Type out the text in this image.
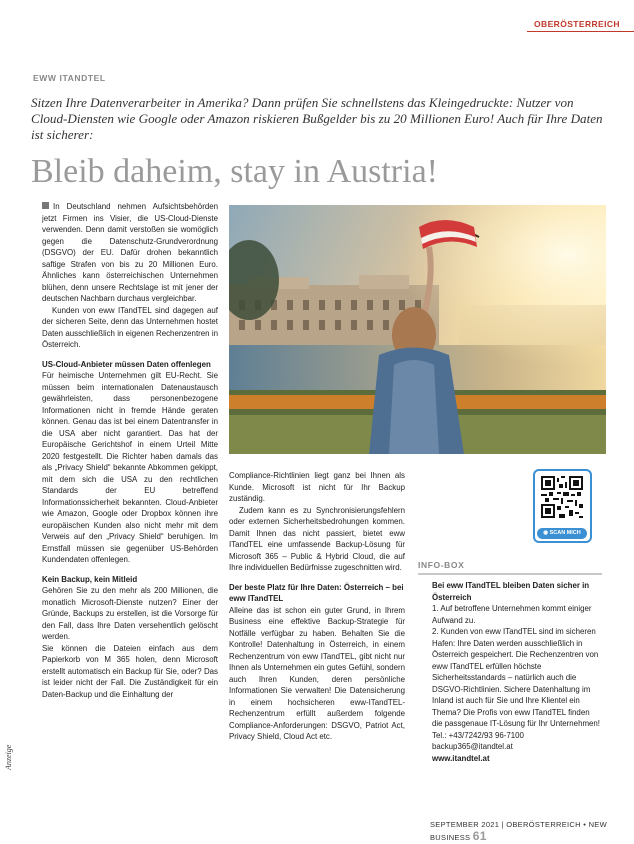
OBERÖSTERREICH
EWW ITANDTEL
Sitzen Ihre Datenverarbeiter in Amerika? Dann prüfen Sie schnellstens das Kleingedruckte: Nutzer von Cloud-Diensten wie Google oder Amazon riskieren Bußgelder bis zu 20 Millionen Euro! Auch für Ihre Daten ist sicherer:
Bleib daheim, stay in Austria!

In Deutschland nehmen Aufsichtsbehörden jetzt Firmen ins Visier, die US-Cloud-Dienste verwenden. Denn damit verstoßen sie womöglich gegen die Datenschutz-Grundverordnung (DSGVO) der EU. Dafür drohen bekanntlich saftige Strafen von bis zu 20 Millionen Euro. Ähnliches kann österreichischen Unternehmen blühen, denn unsere Rechtslage ist mit jener der deutschen Nachbarn durchaus vergleichbar.

Kunden von eww ITandTEL sind dagegen auf der sicheren Seite, denn das Unternehmen hostet Daten ausschließlich in eigenen Rechenzentren in Österreich.

US-Cloud-Anbieter müssen Daten offenlegen

Für heimische Unternehmen gilt EU-Recht. Sie müssen beim internationalen Datenaustausch gewährleisten, dass personenbezogene Informationen nicht in fremde Hände geraten können. Genau das ist bei einem Datentransfer in die USA aber nicht garantiert. Das hat der Europäische Gerichtshof in einem Urteil Mitte 2020 festgestellt. Die Richter haben damals das als „Privacy Shield“ bekannte Abkommen gekippt, mit dem sich die USA zu den rechtlichen Standards der EU betreffend Informationssicherheit bekannten. Cloud-Anbieter wie Amazon, Google oder Dropbox können ihre europäischen Kunden also nicht mehr mit dem Verweis auf den „Privacy Shield“ beruhigen. Im Ernstfall müssen sie gegenüber US-Behörden Kundendaten offenlegen.

Kein Backup, kein Mitleid

Gehören Sie zu den mehr als 200 Millionen, die monatlich Microsoft-Dienste nutzen? Einer der Gründe, Backups zu erstellen, ist die Vorsorge für den Fall, dass Ihre Daten versehentlich gelöscht werden.

Sie können die Dateien einfach aus dem Papierkorb von M 365 holen, denn Microsoft erstellt automatisch ein Backup für Sie, oder? Das ist leider nicht der Fall. Die Zuständigkeit für ein Daten-Backup und die Einhaltung der

Compliance-Richtlinien liegt ganz bei Ihnen als Kunde. Microsoft ist nicht für Ihr Backup zuständig.

Zudem kann es zu Synchronisierungsfehlern oder externen Sicherheitsbedrohungen kommen. Damit Ihnen das nicht passiert, bietet eww ITandTEL eine umfassende Backup-Lösung für Microsoft 365 – Public & Hybrid Cloud, die auf Ihre individuellen Bedürfnisse zugeschnitten wird.

Der beste Platz für Ihre Daten: Österreich – bei eww ITandTEL

Alleine das ist schon ein guter Grund, in Ihrem Business eine effektive Backup-Strategie für Notfälle verfügbar zu haben. Behalten Sie die Kontrolle! Datenhaltung in Österreich, in einem Rechenzentrum von eww ITandTEL, gibt nicht nur Ihnen als Unternehmen ein gutes Gefühl, sondern auch Ihren Kunden, deren persönliche Informationen Sie verwalten! Die Datensicherung in einem hochsicheren eww-ITandTEL-Rechenzentrum erfüllt außerdem folgende Compliance-Anforderungen: DSGVO, Patriot Act, Privacy Shield, Cloud Act etc.

◉ SCAN MICH
INFO-BOX

Bei eww ITandTEL bleiben Daten sicher in Österreich

1. Auf betroffene Unternehmen kommt einiger Aufwand zu.

2. Kunden von eww ITandTEL sind im sicheren Hafen: Ihre Daten werden ausschließlich in Österreich gespeichert. Die Rechenzentren von eww ITandTEL erfüllen höchste Sicherheitsstandards – natürlich auch die DSGVO-Richtlinien. Sichere Datenhaltung im Inland ist auch für Sie und Ihre Klientel ein Thema? Die Profis von eww ITandTEL finden die passgenaue IT-Lösung für Ihr Unternehmen!

Tel.: +43/7242/93 96-7100

backup365@itandtel.at

www.itandtel.at

Anzeige
SEPTEMBER 2021 | OBERÖSTERREICH • NEW BUSINESS 61
